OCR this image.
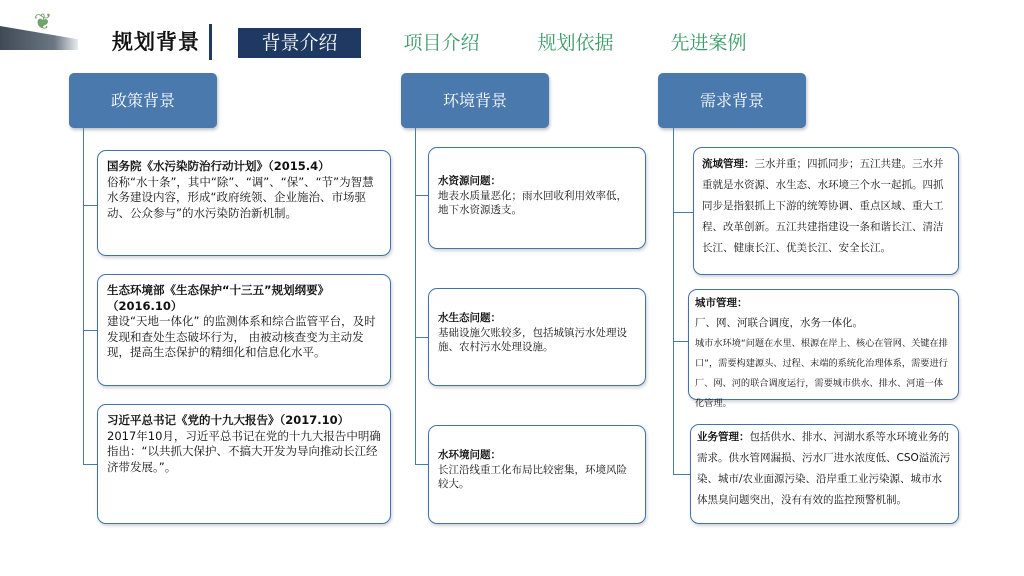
❦
规划背景	背景介绍	项目介绍	规划依据	先进案例
政策背景
国务院《水污染防治行动计划》（2015.4）
俗称“水十条”，其中“除”、“调”、“保”、“节”为智慧水务建设内容，形成“政府统领、企业施治、市场驱动、公众参与”的水污染防治新机制。
生态环境部《生态保护“十三五”规划纲要》（2016.10）
建设“天地一体化” 的监测体系和综合监管平台，及时发现和查处生态破坏行为， 由被动核查变为主动发现，提高生态保护的精细化和信息化水平。
习近平总书记《党的十九大报告》（2017.10）
2017年10月，习近平总书记在党的十九大报告中明确指出：“以共抓大保护、不搞大开发为导向推动长江经济带发展。”。
环境背景
水资源问题：
地表水质量恶化；雨水回收利用效率低，地下水资源透支。
水生态问题：
基础设施欠账较多，包括城镇污水处理设施、农村污水处理设施。
水环境问题：
长江沿线重工化布局比较密集，环境风险较大。
需求背景
流域管理：三水并重；四抓同步；五江共建。三水并重就是水资源、水生态、水环境三个水一起抓。四抓同步是指狠抓上下游的统筹协调、重点区域、重大工程、改革创新。五江共建指建设一条和谐长江、清洁长江、健康长江、优美长江、安全长江。
城市管理：
厂、网、河联合调度，水务一体化。

城市水环境“问题在水里、根源在岸上、核心在管网、关键在排口”，需要构建源头、过程、末端的系统化治理体系，需要进行厂、网、河的联合调度运行，需要城市供水、排水、河道一体化管理。
业务管理：包括供水、排水、河湖水系等水环境业务的需求。供水管网漏损、污水厂进水浓度低、CSO溢流污染、城市/农业面源污染、沿岸重工业污染源、城市水体黑臭问题突出，没有有效的监控预警机制。
